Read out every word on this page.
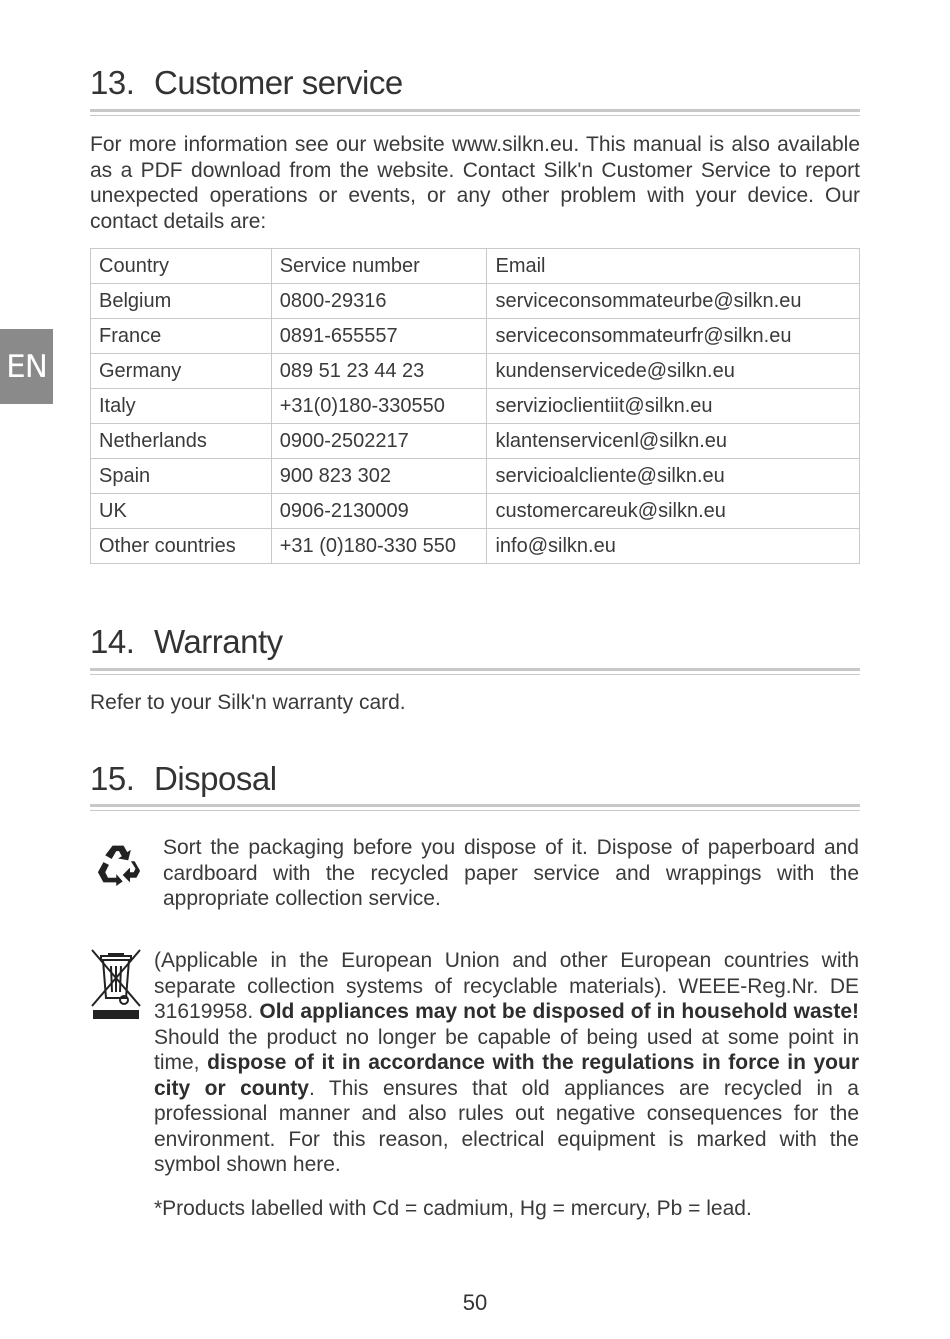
EN
13. Customer service

For more information see our website www.silkn.eu. This manual is also available as a PDF download from the website. Contact Silk'n Customer Service to report unexpected operations or events, or any other problem with your device. Our contact details are:

Country	Service number	Email
Belgium	0800-29316	serviceconsommateurbe@silkn.eu
France	0891-655557	serviceconsommateurfr@silkn.eu
Germany	089 51 23 44 23	kundenservicede@silkn.eu
Italy	+31(0)180-330550	servizioclientiit@silkn.eu
Netherlands	0900-2502217	klantenservicenl@silkn.eu
Spain	900 823 302	servicioalcliente@silkn.eu
UK	0906-2130009	customercareuk@silkn.eu
Other countries	+31 (0)180-330 550	info@silkn.eu
14. Warranty

Refer to your Silk'n warranty card.

15. Disposal

Sort the packaging before you dispose of it. Dispose of paperboard and cardboard with the recycled paper service and wrappings with the appropriate collection service.

(Applicable in the European Union and other European countries with separate collection systems of recyclable materials). WEEE-Reg.Nr. DE 31619958. Old appliances may not be disposed of in household waste! Should the product no longer be capable of being used at some point in time, dispose of it in accordance with the regulations in force in your city or county. This ensures that old appliances are recycled in a professional manner and also rules out negative consequences for the environment. For this reason, electrical equipment is marked with the symbol shown here.

*Products labelled with Cd = cadmium, Hg = mercury, Pb = lead.

50
